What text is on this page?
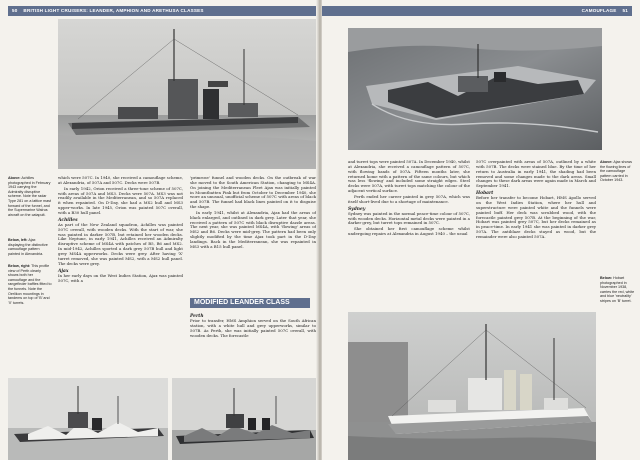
50 BRITISH LIGHT CRUISERS: LEANDER, AMPHION AND ARETHUSA CLASSES
Above: Achilles photographed in February 1943 carrying the Admiralty disruptive scheme. Note the radar Type 281 on a lattice mast forward of the funnel, and the Supermarine Walrus aircraft on the catapult.
Below, left: Ajax displaying the distinctive camouflage pattern painted in Alexandria.
Below, right: This profile view of Perth clearly shows both her camouflage and the rangefinder baffles fitted to the funnels. Note the Oerlikon mountings in tandems on top of 'B' and 'X' turrets.

which were 507C. In 1940, she received a camouflage scheme, at Alexandria, of 507A and 507C. Decks were 507B.

In early 1942, Orion received a three-tone scheme of 507C, with areas of 507A and MS3. Decks were 507A. MS3 was not readily available in the Mediterranean, and so 507A replaced it when repainted. On D-Day, she had a MS2 hull and MS3 upper-works. In late 1945, Orion was painted 507C overall, with a B30 hull panel.

Achilles

As part of the New Zealand squadron, Achilles was painted 507C overall, with wooden decks. With the start of war, she was painted in darker 507B, but retained her wooden decks. Like Neptune, in early 1941, Achilles received an Admiralty disruptive scheme of MS4A with patches of B5, B6 and MS2. In mid-1942, Achilles sported a dark grey 507B hull and light grey MS4A upperworks. Decks were grey. After having 'X' turret removed, she was painted MS2, with a MS2 hull panel. The decks were grey.

Ajax

In her early days on the West Indies Station, Ajax was painted 507C, with a

'primrose' funnel and wooden decks. On the outbreak of war she moved to the South American Station, changing to MS4A. On joining the Mediterranean Fleet Ajax was initially painted in Mountbatten Pink but from October to December 1940, she wore an unusual, unofficial scheme of 507C with areas of black and 507B. The funnel had black lines painted on it to disguise the shape.

In early 1941, whilst at Alexandria, Ajax had the areas of black enlarged, and outlined in dark grey. Later that year, she received a pattern of 507C with black disruptive dazzle areas. The next year, she was painted MS4A, with 'flowing' areas of MS2 and B6. Decks were mid-grey. The pattern had been only slightly modified by the time Ajax took part in the D-Day landings. Back in the Mediterranean, she was repainted in MS3 with a B15 hull panel.

MODIFIED LEANDER CLASS
Perth

Prior to transfer, HMS Amphion served on the South African station, with a white hull and grey upperworks, similar to 507B. As Perth, she was initially painted 507C overall, with wooden decks. The forecastle

CAMOUFLAGE 51
Above: Ajax shows the flowing lines of the camouflage pattern carried in October 1943.
Below: Hobart photographed in November 1938, carries the red, white and blue 'neutrality' stripes on 'B' turret.

and turret tops were painted 507A. In December 1940, whilst at Alexandria, she received a camouflage pattern of 507C, with flowing bands of 507A. Fifteen months later, she returned home with a pattern of the same colours, but which was less 'flowing' and included some straight edges. Steel decks were 507A, with turret tops matching the colour of the adjacent vertical surface.

Perth ended her career painted in grey 507A, which was itself short-lived due to a shortage of maintenance.

Sydney

Sydney was painted in the normal peace-time colour of 507C, with wooden decks. Horizontal metal decks were painted in a darker grey, but turret tops remained in 507C.

She obtained her first camouflage scheme whilst undergoing repairs at Alexandria in August 1940 – the usual

507C overpainted with areas of 507A, outlined by a white with 507B. The decks were stained blue. By the time of her return to Australia in early 1941, the shading had been removed and some changes made to the dark areas. Small changes to these dark areas were again made in March and September 1941.

Hobart

Before her transfer to become Hobart, HMS Apollo served on the West Indies Station, where her hull and superstructure were painted white and the funnels were painted buff. Her deck was scrubbed wood, with the forecastle painted grey 507B. At the beginning of the war, Hobart was painted grey 507C, but her decks remained as in peace-time. In early 1941 she was painted in darker grey 507A. The antiblaze decks stayed as wood, but the remainder were also painted 507A.
